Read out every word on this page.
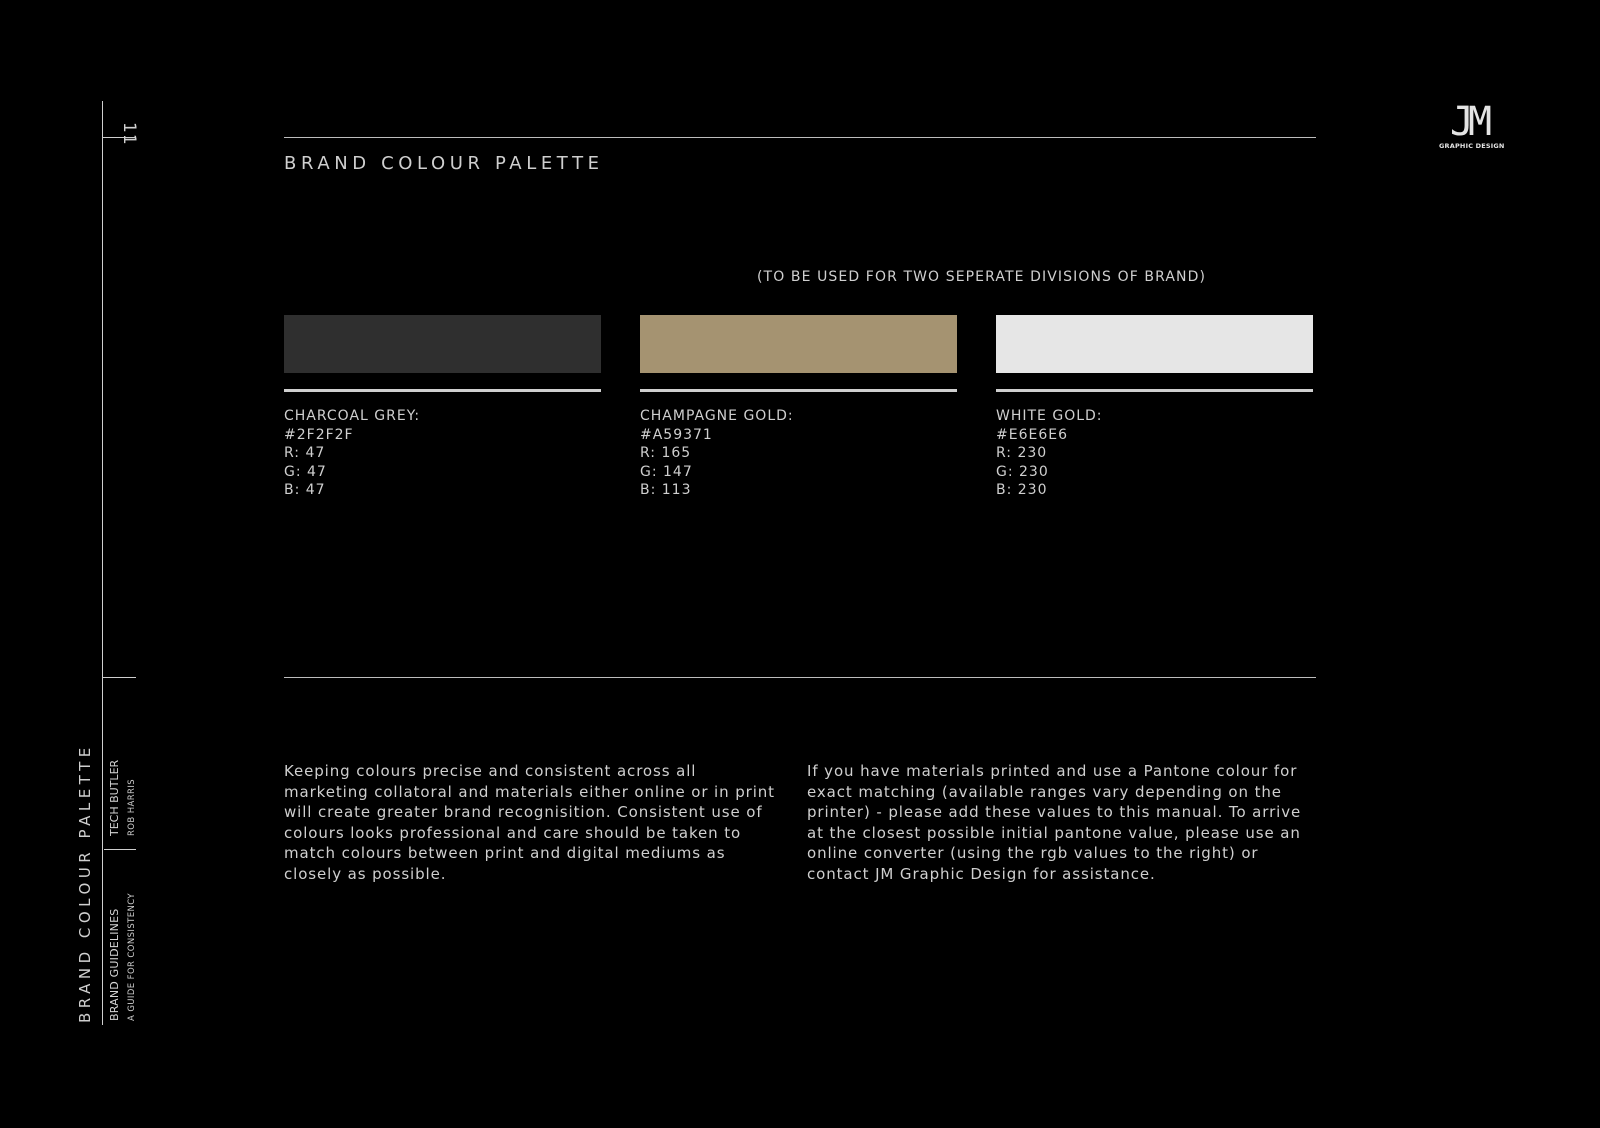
11
BRAND COLOUR PALETTE BRAND GUIDELINES A GUIDE FOR CONSISTENCY
TECH BUTLER ROB HARRIS
JM
GRAPHIC DESIGN
BRAND COLOUR PALETTE
(TO BE USED FOR TWO SEPERATE DIVISIONS OF BRAND)
CHARCOAL GREY:
#2F2F2F
R: 47
G: 47
B: 47
CHAMPAGNE GOLD:
#A59371
R: 165
G: 147
B: 113
WHITE GOLD:
#E6E6E6
R: 230
G: 230
B: 230
Keeping colours precise and consistent across all marketing collatoral and materials either online or in print will create greater brand recognisition. Consistent use of colours looks professional and care should be taken to match colours between print and digital mediums as closely as possible.
If you have materials printed and use a Pantone colour for exact matching (available ranges vary depending on the printer) - please add these values to this manual. To arrive at the closest possible initial pantone value, please use an online converter (using the rgb values to the right) or contact JM Graphic Design for assistance.
